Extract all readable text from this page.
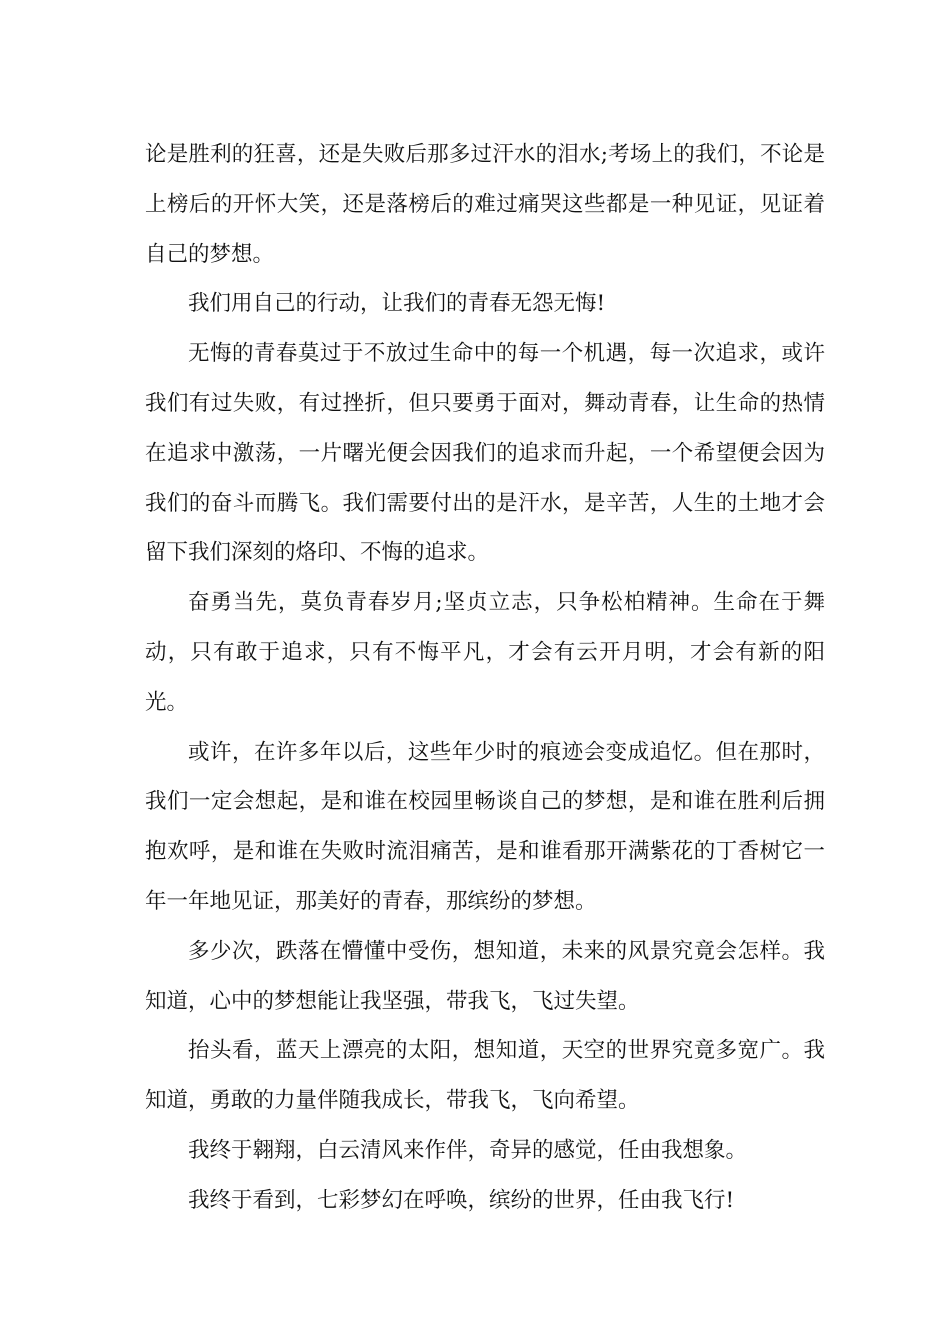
论是胜利的狂喜，还是失败后那多过汗水的泪水;考场上的我们，不论是上榜后的开怀大笑，还是落榜后的难过痛哭这些都是一种见证，见证着自己的梦想。

我们用自己的行动，让我们的青春无怨无悔!

无悔的青春莫过于不放过生命中的每一个机遇，每一次追求，或许我们有过失败，有过挫折，但只要勇于面对，舞动青春，让生命的热情在追求中激荡，一片曙光便会因我们的追求而升起，一个希望便会因为我们的奋斗而腾飞。我们需要付出的是汗水，是辛苦，人生的土地才会留下我们深刻的烙印、不悔的追求。

奋勇当先，莫负青春岁月;坚贞立志，只争松柏精神。生命在于舞动，只有敢于追求，只有不悔平凡，才会有云开月明，才会有新的阳光。

或许，在许多年以后，这些年少时的痕迹会变成追忆。但在那时，我们一定会想起，是和谁在校园里畅谈自己的梦想，是和谁在胜利后拥抱欢呼，是和谁在失败时流泪痛苦，是和谁看那开满紫花的丁香树它一年一年地见证，那美好的青春，那缤纷的梦想。

多少次，跌落在懵懂中受伤，想知道，未来的风景究竟会怎样。我知道，心中的梦想能让我坚强，带我飞，飞过失望。

抬头看，蓝天上漂亮的太阳，想知道，天空的世界究竟多宽广。我知道，勇敢的力量伴随我成长，带我飞，飞向希望。

我终于翱翔，白云清风来作伴，奇异的感觉，任由我想象。

我终于看到，七彩梦幻在呼唤，缤纷的世界，任由我飞行!
